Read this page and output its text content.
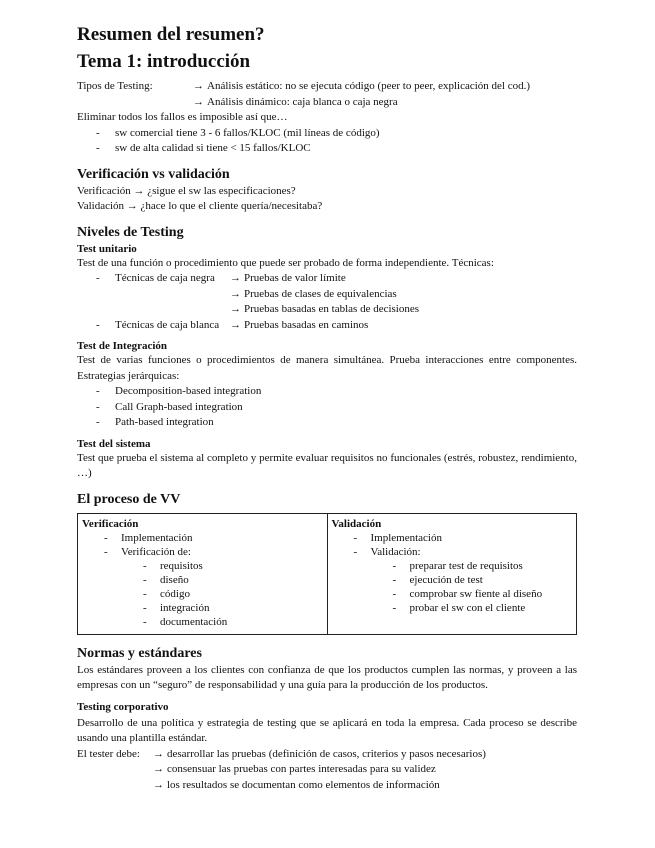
Resumen del resumen?
Tema 1: introducción
Tipos de Testing:	→ Análisis estático: no se ejecuta código (peer to peer, explicación del cod.)
→ Análisis dinámico: caja blanca o caja negra
Eliminar todos los fallos es imposible así que…
-	sw comercial tiene 3 - 6 fallos/KLOC (mil líneas de código)
-	sw de alta calidad si tiene < 15 fallos/KLOC
Verificación vs validación
Verificación → ¿sigue el sw las especificaciones?
Validación → ¿hace lo que el cliente quería/necesitaba?
Niveles de Testing
Test unitario
Test de una función o procedimiento que puede ser probado de forma independiente. Técnicas:
-	Técnicas de caja negra	→ Pruebas de valor límite
→ Pruebas de clases de equivalencias
→ Pruebas basadas en tablas de decisiones
-	Técnicas de caja blanca → Pruebas basadas en caminos
Test de Integración
Test de varias funciones o procedimientos de manera simultánea. Prueba interacciones entre componentes. Estrategias jerárquicas:
-	Decomposition-based integration
-	Call Graph-based integration
-	Path-based integration
Test del sistema
Test que prueba el sistema al completo y permite evaluar requisitos no funcionales (estrés, robustez, rendimiento, …)
El proceso de VV
Verificación
-	Implementación
-	Verificación de:
-	requisitos
-	diseño
-	código
-	integración
-	documentación

Validación
-	Implementación
-	Validación:
-	preparar test de requisitos
-	ejecución de test
-	comprobar sw fiente al diseño
-	probar el sw con el cliente
Normas y estándares
Los estándares proveen a los clientes con confianza de que los productos cumplen las normas, y proveen a las empresas con un “seguro” de responsabilidad y una guía para la producción de los productos.
Testing corporativo
Desarrollo de una política y estrategia de testing que se aplicará en toda la empresa. Cada proceso se describe usando una plantilla estándar.
El tester debe:	→ desarrollar las pruebas (definición de casos, criterios y pasos necesarios)
→ consensuar las pruebas con partes interesadas para su validez
→ los resultados se documentan como elementos de información
